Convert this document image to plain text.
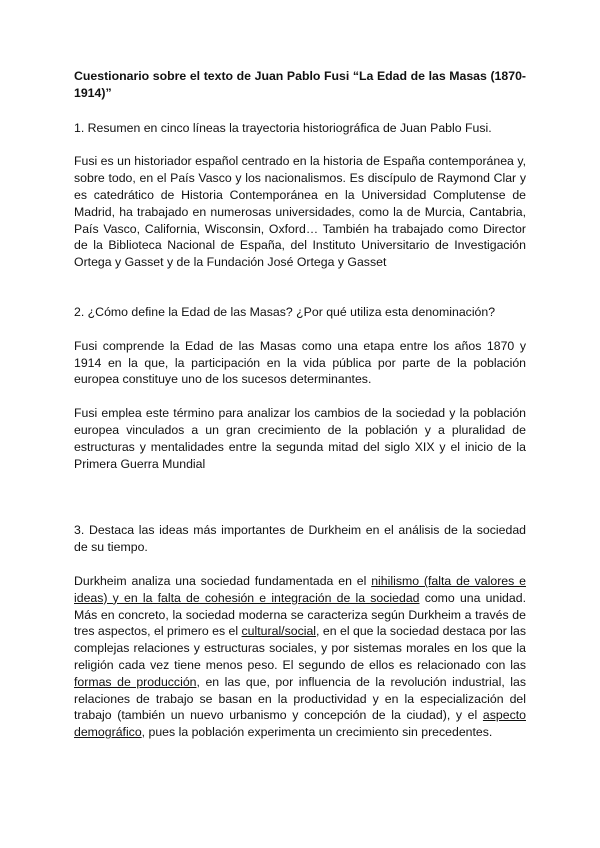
Cuestionario sobre el texto de Juan Pablo Fusi “La Edad de las Masas (1870-1914)”

1. Resumen en cinco líneas la trayectoria historiográfica de Juan Pablo Fusi.

Fusi es un historiador español centrado en la historia de España contemporánea y, sobre todo, en el País Vasco y los nacionalismos. Es discípulo de Raymond Clar y es catedrático de Historia Contemporánea en la Universidad Complutense de Madrid, ha trabajado en numerosas universidades, como la de Murcia, Cantabria, País Vasco, California, Wisconsin, Oxford… También ha trabajado como Director de la Biblioteca Nacional de España, del Instituto Universitario de Investigación Ortega y Gasset y de la Fundación José Ortega y Gasset

2. ¿Cómo define la Edad de las Masas? ¿Por qué utiliza esta denominación?

Fusi comprende la Edad de las Masas como una etapa entre los años 1870 y 1914 en la que, la participación en la vida pública por parte de la población europea constituye uno de los sucesos determinantes.

Fusi emplea este término para analizar los cambios de la sociedad y la población europea vinculados a un gran crecimiento de la población y a pluralidad de estructuras y mentalidades entre la segunda mitad del siglo XIX y el inicio de la Primera Guerra Mundial

3. Destaca las ideas más importantes de Durkheim en el análisis de la sociedad de su tiempo.

Durkheim analiza una sociedad fundamentada en el nihilismo (falta de valores e ideas) y en la falta de cohesión e integración de la sociedad como una unidad. Más en concreto, la sociedad moderna se caracteriza según Durkheim a través de tres aspectos, el primero es el cultural/social, en el que la sociedad destaca por las complejas relaciones y estructuras sociales, y por sistemas morales en los que la religión cada vez tiene menos peso. El segundo de ellos es relacionado con las formas de producción, en las que, por influencia de la revolución industrial, las relaciones de trabajo se basan en la productividad y en la especialización del trabajo (también un nuevo urbanismo y concepción de la ciudad), y el aspecto demográfico, pues la población experimenta un crecimiento sin precedentes.
